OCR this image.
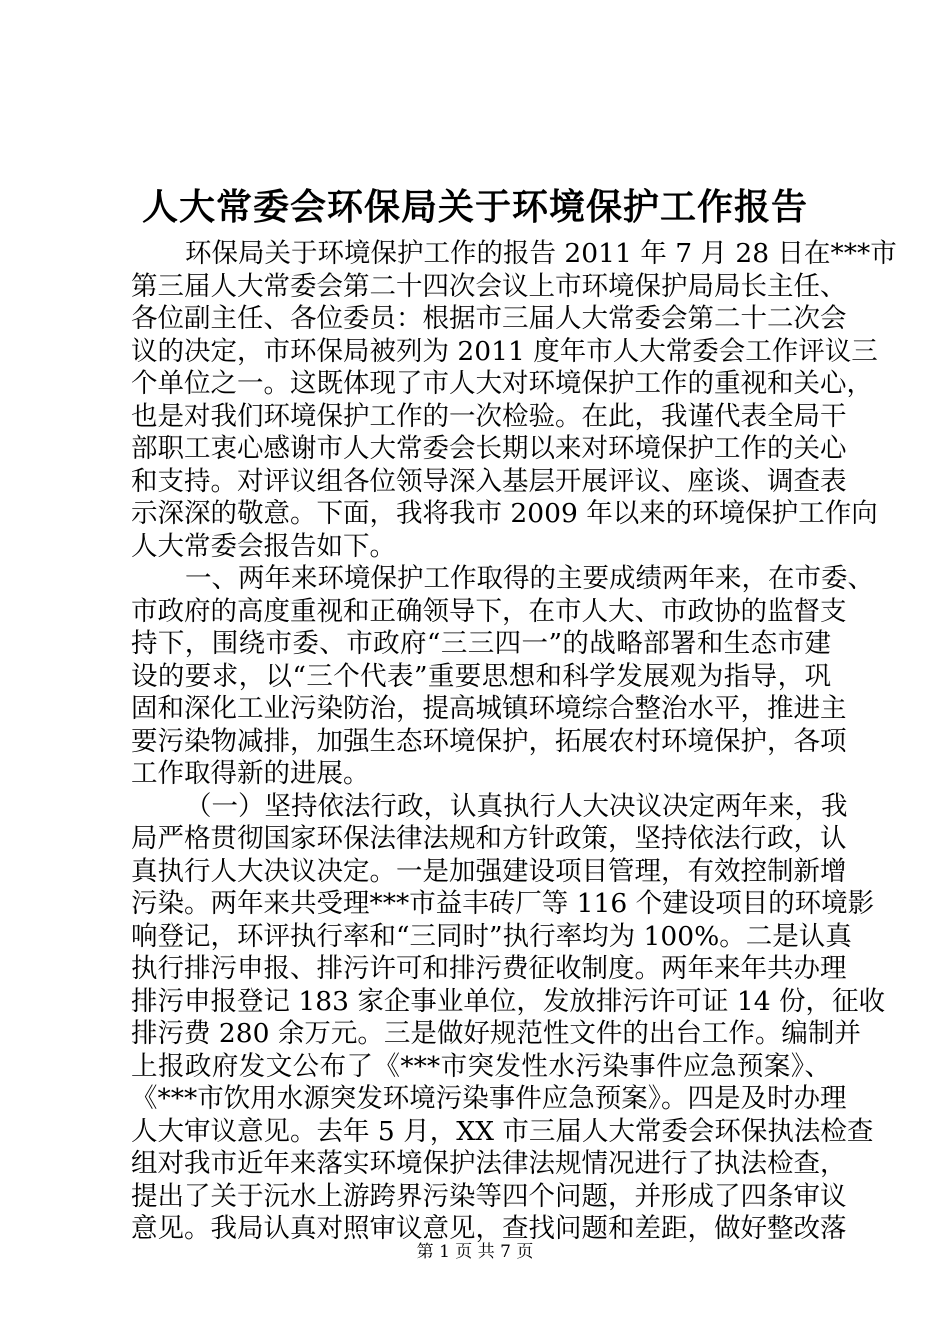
人大常委会环保局关于环境保护工作报告
环保局关于环境保护工作的报告 2011 年 7 月 28 日在***市
第三届人大常委会第二十四次会议上市环境保护局局长主任、
各位副主任、各位委员：根据市三届人大常委会第二十二次会
议的决定，市环保局被列为 2011 度年市人大常委会工作评议三
个单位之一。这既体现了市人大对环境保护工作的重视和关心，
也是对我们环境保护工作的一次检验。在此，我谨代表全局干
部职工衷心感谢市人大常委会长期以来对环境保护工作的关心
和支持。对评议组各位领导深入基层开展评议、座谈、调查表
示深深的敬意。下面，我将我市 2009 年以来的环境保护工作向
人大常委会报告如下。
一、两年来环境保护工作取得的主要成绩两年来，在市委、
市政府的高度重视和正确领导下，在市人大、市政协的监督支
持下，围绕市委、市政府“三三四一”的战略部署和生态市建
设的要求，以“三个代表”重要思想和科学发展观为指导，巩
固和深化工业污染防治，提高城镇环境综合整治水平，推进主
要污染物减排，加强生态环境保护，拓展农村环境保护，各项
工作取得新的进展。
（一）坚持依法行政，认真执行人大决议决定两年来，我
局严格贯彻国家环保法律法规和方针政策，坚持依法行政，认
真执行人大决议决定。一是加强建设项目管理，有效控制新增
污染。两年来共受理***市益丰砖厂等 116 个建设项目的环境影
响登记，环评执行率和“三同时”执行率均为 100%。二是认真
执行排污申报、排污许可和排污费征收制度。两年来年共办理
排污申报登记 183 家企事业单位，发放排污许可证 14 份，征收
排污费 280 余万元。三是做好规范性文件的出台工作。编制并
上报政府发文公布了《***市突发性水污染事件应急预案》、
《***市饮用水源突发环境污染事件应急预案》。四是及时办理
人大审议意见。去年 5 月，XX 市三届人大常委会环保执法检查
组对我市近年来落实环境保护法律法规情况进行了执法检查，
提出了关于沅水上游跨界污染等四个问题，并形成了四条审议
意见。我局认真对照审议意见，查找问题和差距，做好整改落
第 1 页 共 7 页
